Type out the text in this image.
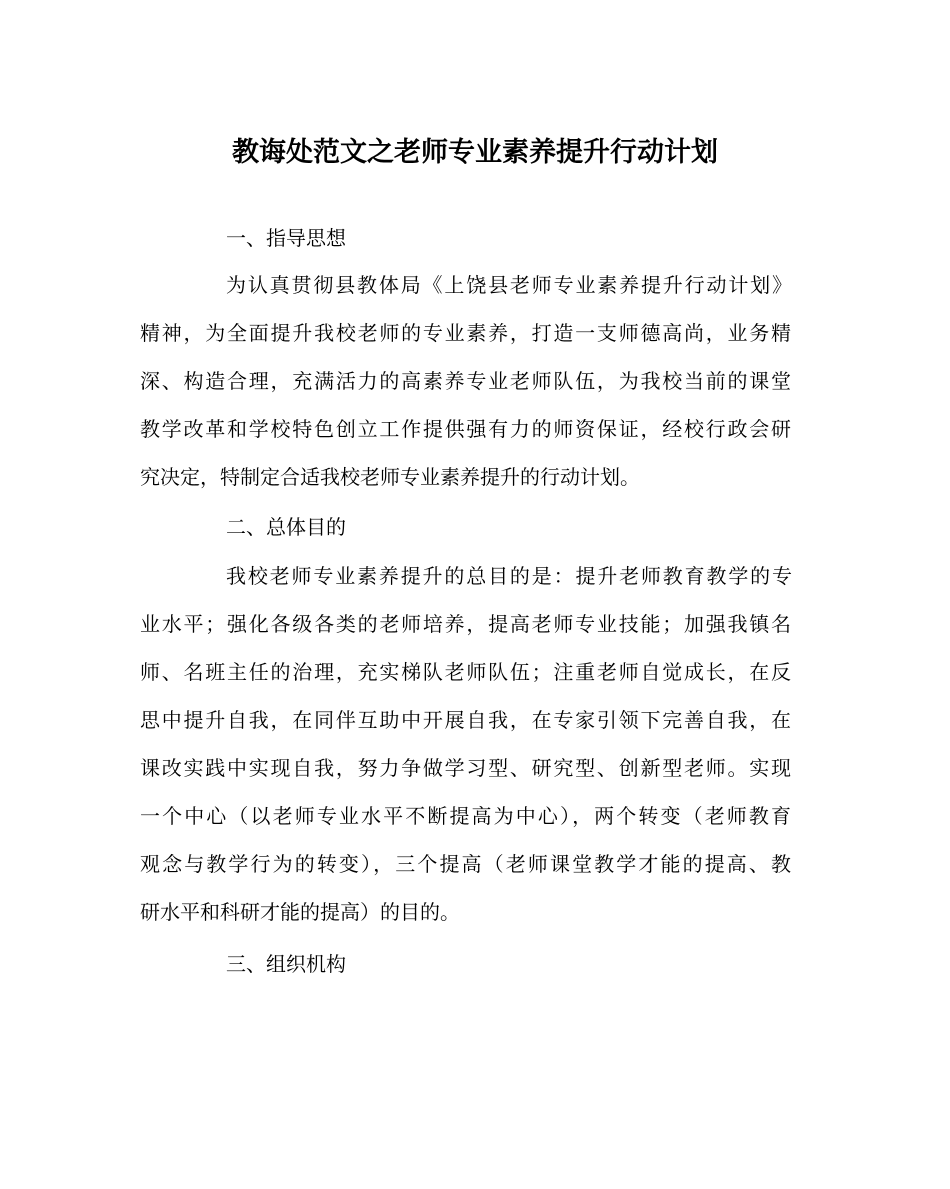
教诲处范文之老师专业素养提升行动计划

一、指导思想

为认真贯彻县教体局《上饶县老师专业素养提升行动计划》

精神，为全面提升我校老师的专业素养，打造一支师德高尚，业务精

深、构造合理，充满活力的高素养专业老师队伍，为我校当前的课堂

教学改革和学校特色创立工作提供强有力的师资保证，经校行政会研

究决定，特制定合适我校老师专业素养提升的行动计划。

二、总体目的

我校老师专业素养提升的总目的是：提升老师教育教学的专

业水平；强化各级各类的老师培养，提高老师专业技能；加强我镇名

师、名班主任的治理，充实梯队老师队伍；注重老师自觉成长，在反

思中提升自我，在同伴互助中开展自我，在专家引领下完善自我，在

课改实践中实现自我，努力争做学习型、研究型、创新型老师。实现

一个中心（以老师专业水平不断提高为中心），两个转变（老师教育

观念与教学行为的转变），三个提高（老师课堂教学才能的提高、教

研水平和科研才能的提高）的目的。

三、组织机构
